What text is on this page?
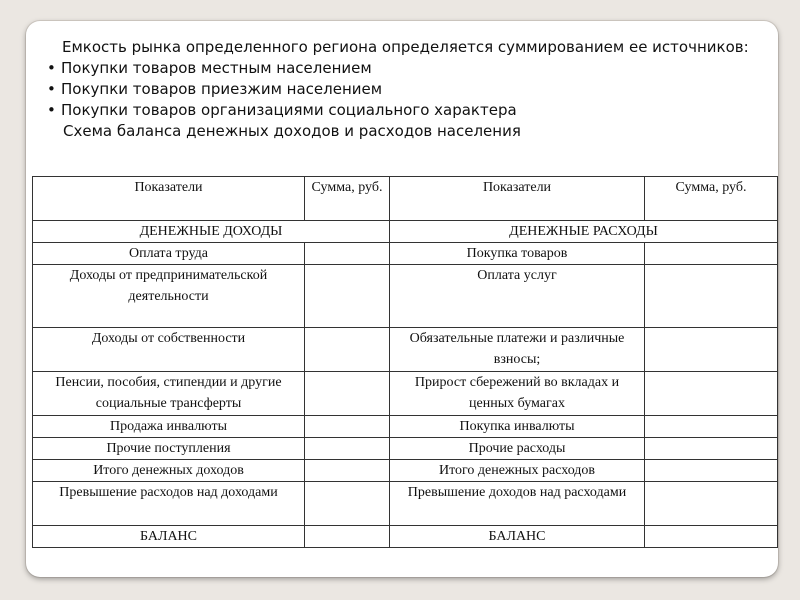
Емкость рынка определенного региона определяется суммированием ее источников:

• Покупки товаров местным населением
• Покупки товаров приезжим населением
• Покупки товаров организациями социального характера

Схема баланса денежных доходов и расходов населения

Показатели	Сумма, руб.	Показатели	Сумма, руб.
ДЕНЕЖНЫЕ ДОХОДЫ		ДЕНЕЖНЫЕ РАСХОДЫ	
Оплата труда		Покупка товаров	
Доходы от предпринимательской деятельности		Оплата услуг	
Доходы от собственности		Обязательные платежи и различные взносы;	
Пенсии, пособия, стипендии и другие социальные трансферты		Прирост сбережений во вкладах и ценных бумагах	
Продажа инвалюты		Покупка инвалюты	
Прочие поступления		Прочие расходы	
Итого денежных доходов		Итого денежных расходов	
Превышение расходов над доходами		Превышение доходов над расходами	
БАЛАНС		БАЛАНС	
